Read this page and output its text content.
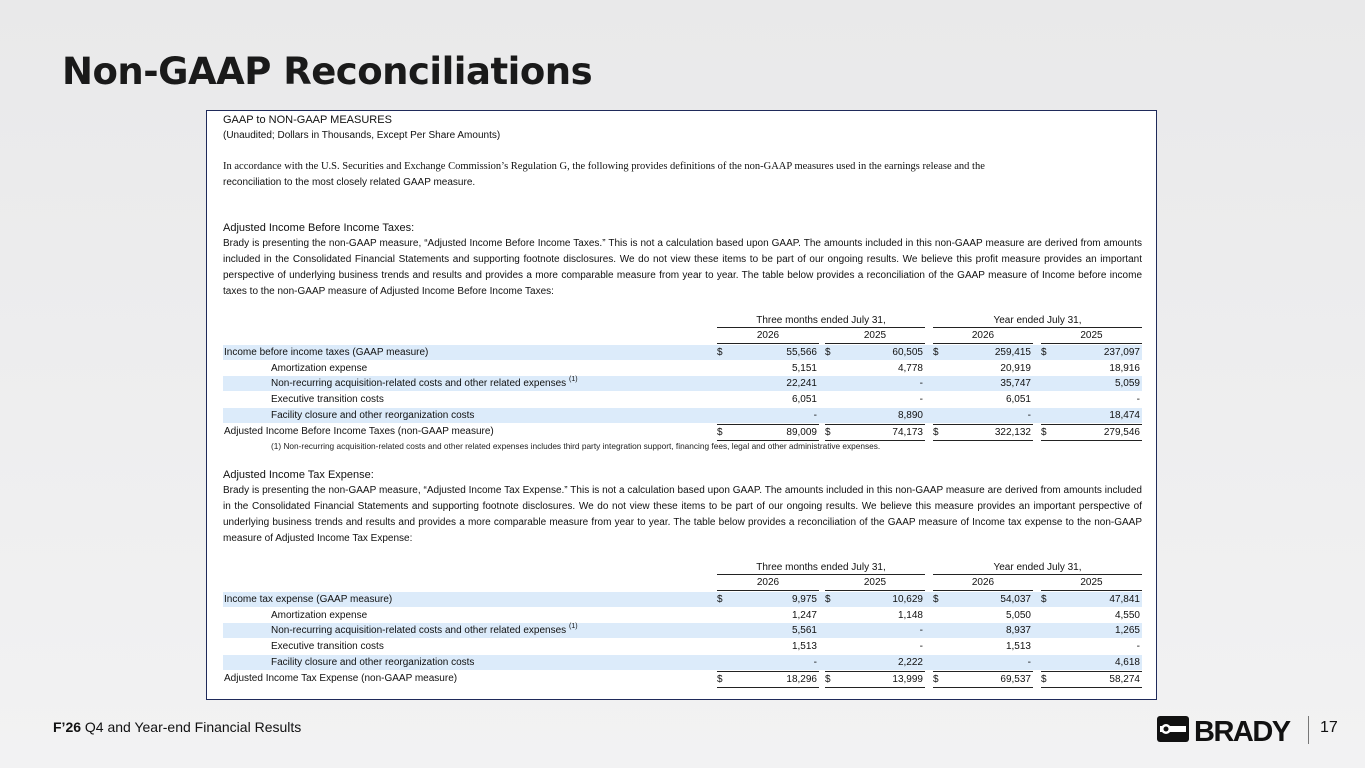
Non-GAAP Reconciliations
GAAP to NON-GAAP MEASURES
(Unaudited; Dollars in Thousands, Except Per Share Amounts)
In accordance with the U.S. Securities and Exchange Commission’s Regulation G, the following provides definitions of the non-GAAP measures used in the earnings release and the
reconciliation to the most closely related GAAP measure.
Adjusted Income Before Income Taxes:
Brady is presenting the non-GAAP measure, “Adjusted Income Before Income Taxes.” This is not a calculation based upon GAAP. The amounts included in this non-GAAP measure are derived from amounts included in the Consolidated Financial Statements and supporting footnote disclosures. We do not view these items to be part of our ongoing results. We believe this profit measure provides an important perspective of underlying business trends and results and provides a more comparable measure from year to year. The table below provides a reconciliation of the GAAP measure of Income before income taxes to the non-GAAP measure of Adjusted Income Before Income Taxes:
Three months ended July 31,	Year ended July 31,
2026	2025	2026	2025
Income before income taxes (GAAP measure)	$	55,566 $	60,505 $	259,415 $	237,097
Amortization expense	5,151	4,778	20,919	18,916
Non-recurring acquisition-related costs and other related expenses (1)	22,241	-	35,747	5,059
Executive transition costs	6,051	-	6,051	-
Facility closure and other reorganization costs	-	8,890	-	18,474
Adjusted Income Before Income Taxes (non-GAAP measure)	$	89,009 $	74,173 $	322,132 $	279,546
(1) Non-recurring acquisition-related costs and other related expenses includes third party integration support, financing fees, legal and other administrative expenses.
Adjusted Income Tax Expense:
Brady is presenting the non-GAAP measure, “Adjusted Income Tax Expense.” This is not a calculation based upon GAAP. The amounts included in this non-GAAP measure are derived from amounts included in the Consolidated Financial Statements and supporting footnote disclosures. We do not view these items to be part of our ongoing results. We believe this measure provides an important perspective of underlying business trends and results and provides a more comparable measure from year to year. The table below provides a reconciliation of the GAAP measure of Income tax expense to the non-GAAP measure of Adjusted Income Tax Expense:
Three months ended July 31,	Year ended July 31,
2026	2025	2026	2025
Income tax expense (GAAP measure)	$	9,975 $	10,629 $	54,037 $	47,841
Amortization expense	1,247	1,148	5,050	4,550
Non-recurring acquisition-related costs and other related expenses (1)	5,561	-	8,937	1,265
Executive transition costs	1,513	-	1,513	-
Facility closure and other reorganization costs	-	2,222	-	4,618
Adjusted Income Tax Expense (non-GAAP measure)	$	18,296 $	13,999 $	69,537 $	58,274
F’26 Q4 and Year-end Financial Results	BRADY 17
